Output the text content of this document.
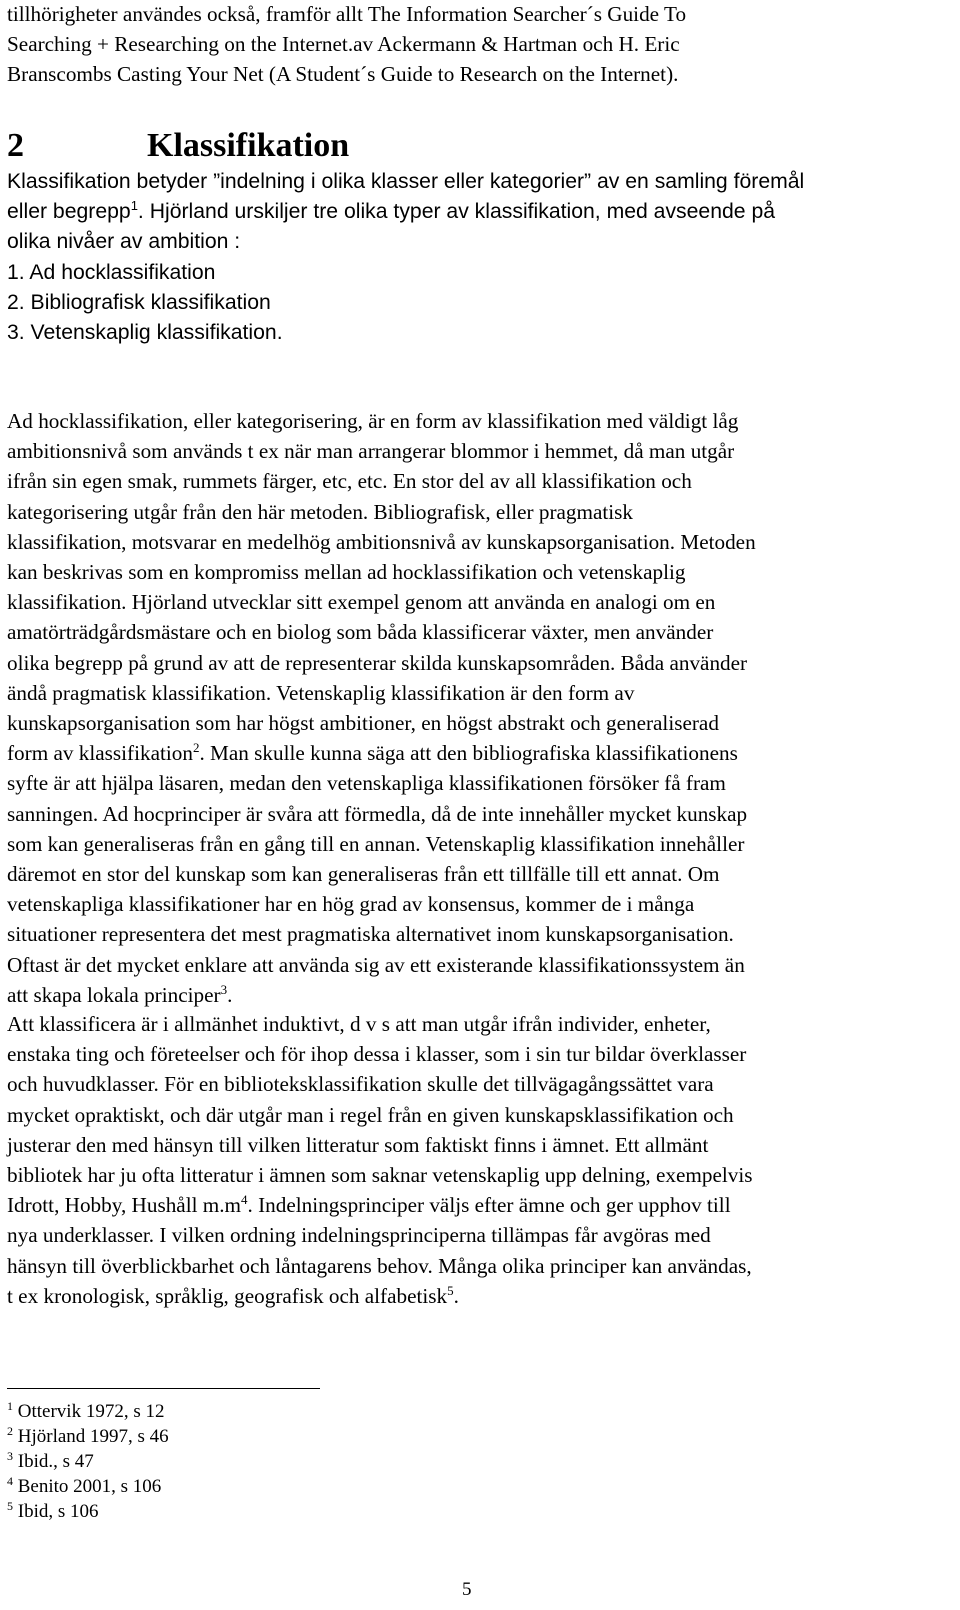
tillhörigheter användes också, framför allt The Information Searcher´s Guide To
Searching + Researching on the Internet.av Ackermann & Hartman och H. Eric
Branscombs Casting Your Net (A Student´s Guide to Research on the Internet).
2	Klassifikation
Klassifikation betyder ”indelning i olika klasser eller kategorier” av en samling föremål
eller begrepp$^1$. Hjörland urskiljer tre olika typer av klassifikation, med avseende på
olika nivåer av ambition :
1. Ad hocklassifikation
2. Bibliografisk klassifikation
3. Vetenskaplig klassifikation.
Ad hocklassifikation, eller kategorisering, är en form av klassifikation med väldigt låg
ambitionsnivå som används t ex när man arrangerar blommor i hemmet, då man utgår
ifrån sin egen smak, rummets färger, etc, etc. En stor del av all klassifikation och
kategorisering utgår från den här metoden. Bibliografisk, eller pragmatisk
klassifikation, motsvarar en medelhög ambitionsnivå av kunskapsorganisation. Metoden
kan beskrivas som en kompromiss mellan ad hocklassifikation och vetenskaplig
klassifikation. Hjörland utvecklar sitt exempel genom att använda en analogi om en
amatörträdgårdsmästare och en biolog som båda klassificerar växter, men använder
olika begrepp på grund av att de representerar skilda kunskapsområden. Båda använder
ändå pragmatisk klassifikation. Vetenskaplig klassifikation är den form av
kunskapsorganisation som har högst ambitioner, en högst abstrakt och generaliserad
form av klassifikation$^2$. Man skulle kunna säga att den bibliografiska klassifikationens
syfte är att hjälpa läsaren, medan den vetenskapliga klassifikationen försöker få fram
sanningen. Ad hocprinciper är svåra att förmedla, då de inte innehåller mycket kunskap
som kan generaliseras från en gång till en annan. Vetenskaplig klassifikation innehåller
däremot en stor del kunskap som kan generaliseras från ett tillfälle till ett annat. Om
vetenskapliga klassifikationer har en hög grad av konsensus, kommer de i många
situationer representera det mest pragmatiska alternativet inom kunskapsorganisation.
Oftast är det mycket enklare att använda sig av ett existerande klassifikationssystem än
att skapa lokala principer$^3$.
Att klassificera är i allmänhet induktivt, d v s att man utgår ifrån individer, enheter,
enstaka ting och företeelser och för ihop dessa i klasser, som i sin tur bildar överklasser
och huvudklasser. För en biblioteksklassifikation skulle det tillvägagångssättet vara
mycket opraktiskt, och där utgår man i regel från en given kunskapsklassifikation och
justerar den med hänsyn till vilken litteratur som faktiskt finns i ämnet. Ett allmänt
bibliotek har ju ofta litteratur i ämnen som saknar vetenskaplig upp delning, exempelvis
Idrott, Hobby, Hushåll $m.m^4$. Indelningsprinciper väljs efter ämne och ger upphov till
nya underklasser. I vilken ordning indelningsprinciperna tillämpas får avgöras med
hänsyn till överblickbarhet och låntagarens behov. Många olika principer kan användas,
t ex kronologisk, språklig, geografisk och alfabetisk$^5$.
$^1$ Ottervik 1972, s 12
$^2$ Hjörland 1997, s 46
$^3$ Ibid., s 47
$^4$ Benito 2001, s 106
$^5$ Ibid, s 106
5
